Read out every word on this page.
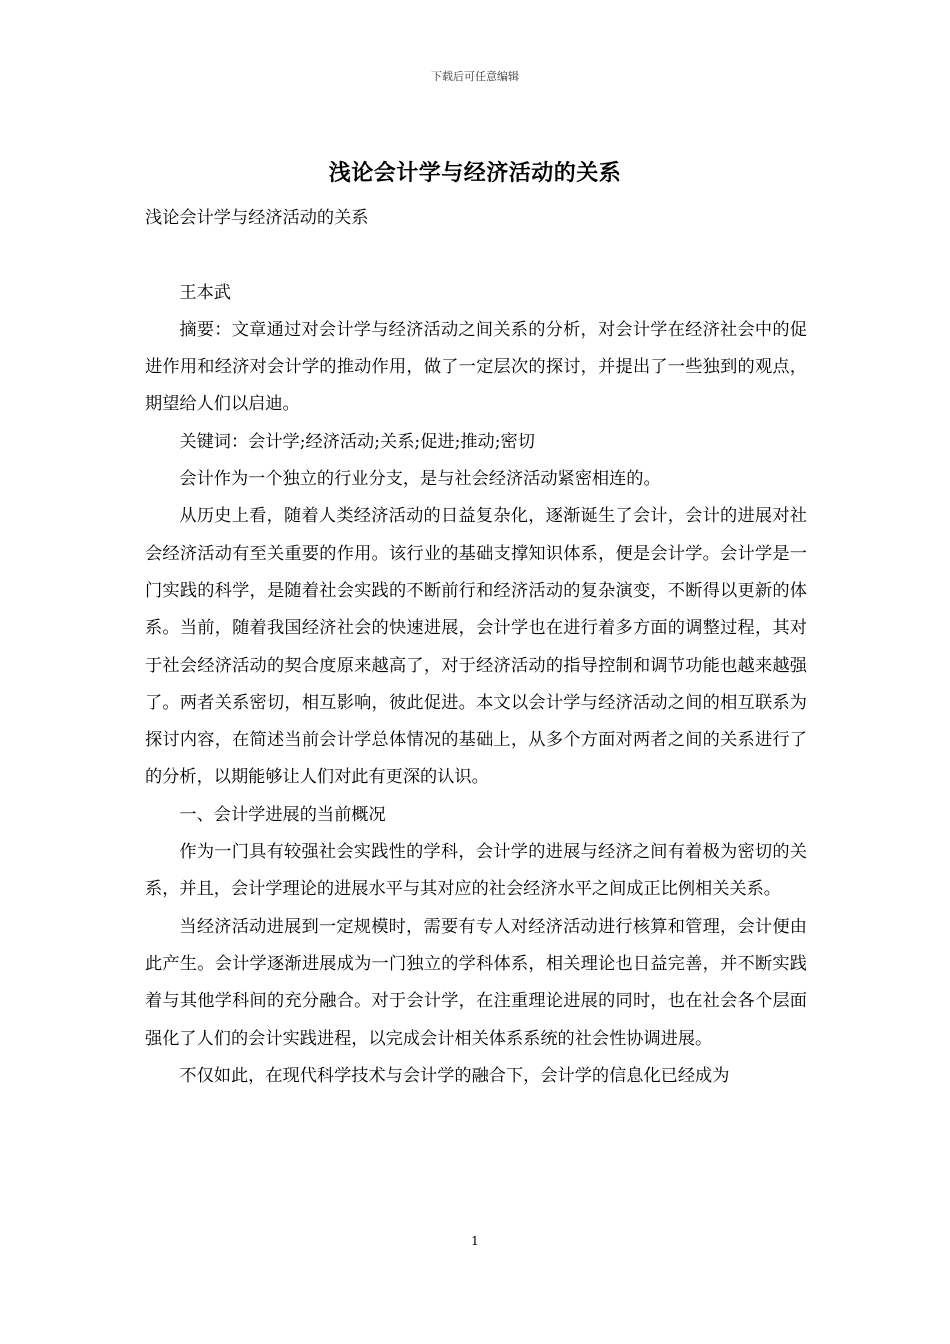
下载后可任意编辑
浅论会计学与经济活动的关系

浅论会计学与经济活动的关系

王本武

摘要：文章通过对会计学与经济活动之间关系的分析，对会计学在经济社会中的促进作用和经济对会计学的推动作用，做了一定层次的探讨，并提出了一些独到的观点，期望给人们以启迪。

关键词：会计学;经济活动;关系;促进;推动;密切

会计作为一个独立的行业分支，是与社会经济活动紧密相连的。

从历史上看，随着人类经济活动的日益复杂化，逐渐诞生了会计，会计的进展对社会经济活动有至关重要的作用。该行业的基础支撑知识体系，便是会计学。会计学是一门实践的科学，是随着社会实践的不断前行和经济活动的复杂演变，不断得以更新的体系。当前，随着我国经济社会的快速进展，会计学也在进行着多方面的调整过程，其对于社会经济活动的契合度原来越高了，对于经济活动的指导控制和调节功能也越来越强了。两者关系密切，相互影响，彼此促进。本文以会计学与经济活动之间的相互联系为探讨内容，在简述当前会计学总体情况的基础上，从多个方面对两者之间的关系进行了的分析，以期能够让人们对此有更深的认识。

一、会计学进展的当前概况

作为一门具有较强社会实践性的学科，会计学的进展与经济之间有着极为密切的关系，并且，会计学理论的进展水平与其对应的社会经济水平之间成正比例相关关系。

当经济活动进展到一定规模时，需要有专人对经济活动进行核算和管理，会计便由此产生。会计学逐渐进展成为一门独立的学科体系，相关理论也日益完善，并不断实践着与其他学科间的充分融合。对于会计学，在注重理论进展的同时，也在社会各个层面强化了人们的会计实践进程，以完成会计相关体系系统的社会性协调进展。

不仅如此，在现代科学技术与会计学的融合下，会计学的信息化已经成为

1
